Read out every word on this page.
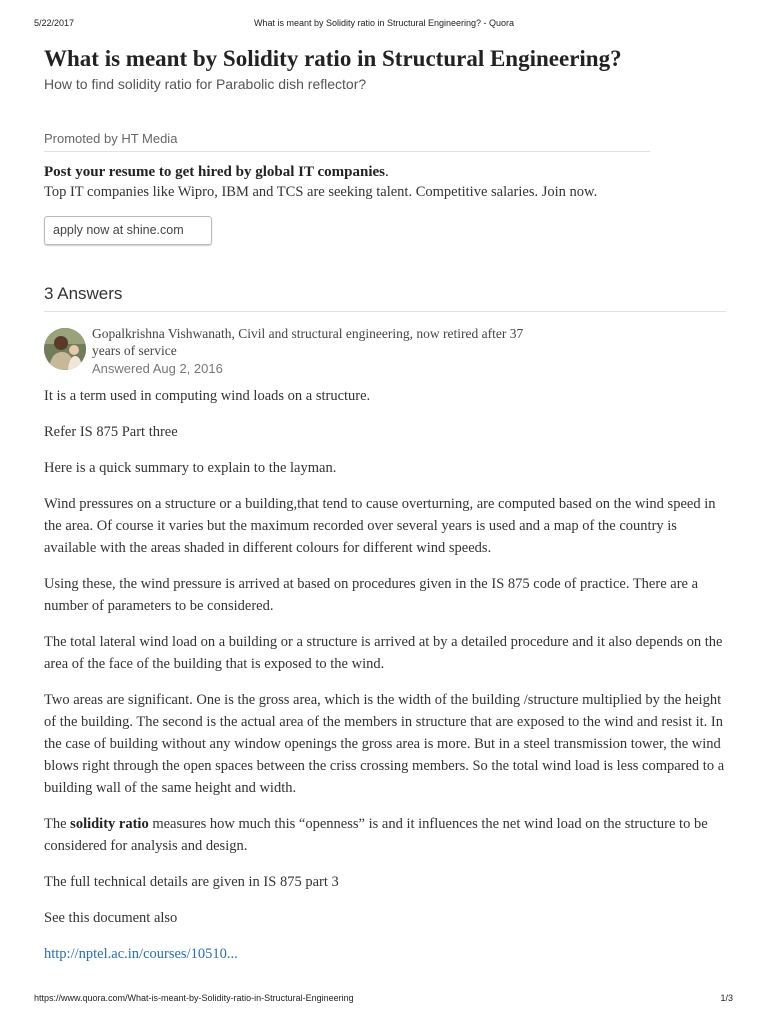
5/22/2017	What is meant by Solidity ratio in Structural Engineering? - Quora
What is meant by Solidity ratio in Structural Engineering?
How to find solidity ratio for Parabolic dish reflector?
Promoted by HT Media
Post your resume to get hired by global IT companies.
Top IT companies like Wipro, IBM and TCS are seeking talent. Competitive salaries. Join now.
apply now at shine.com
3 Answers
Gopalkrishna Vishwanath, Civil and structural engineering, now retired after 37
years of service
Answered Aug 2, 2016

It is a term used in computing wind loads on a structure.

Refer IS 875 Part three

Here is a quick summary to explain to the layman.

Wind pressures on a structure or a building,that tend to cause overturning, are computed based on the wind speed in the area. Of course it varies but the maximum recorded over several years is used and a map of the country is available with the areas shaded in different colours for different wind speeds.

Using these, the wind pressure is arrived at based on procedures given in the IS 875 code of practice. There are a number of parameters to be considered.

The total lateral wind load on a building or a structure is arrived at by a detailed procedure and it also depends on the area of the face of the building that is exposed to the wind.

Two areas are significant. One is the gross area, which is the width of the building /structure multiplied by the height of the building. The second is the actual area of the members in structure that are exposed to the wind and resist it. In the case of building without any window openings the gross area is more. But in a steel transmission tower, the wind blows right through the open spaces between the criss crossing members. So the total wind load is less compared to a building wall of the same height and width.

The solidity ratio measures how much this “openness” is and it influences the net wind load on the structure to be considered for analysis and design.

The full technical details are given in IS 875 part 3

See this document also

http://nptel.ac.in/courses/10510...

https://www.quora.com/What-is-meant-by-Solidity-ratio-in-Structural-Engineering	1/3
